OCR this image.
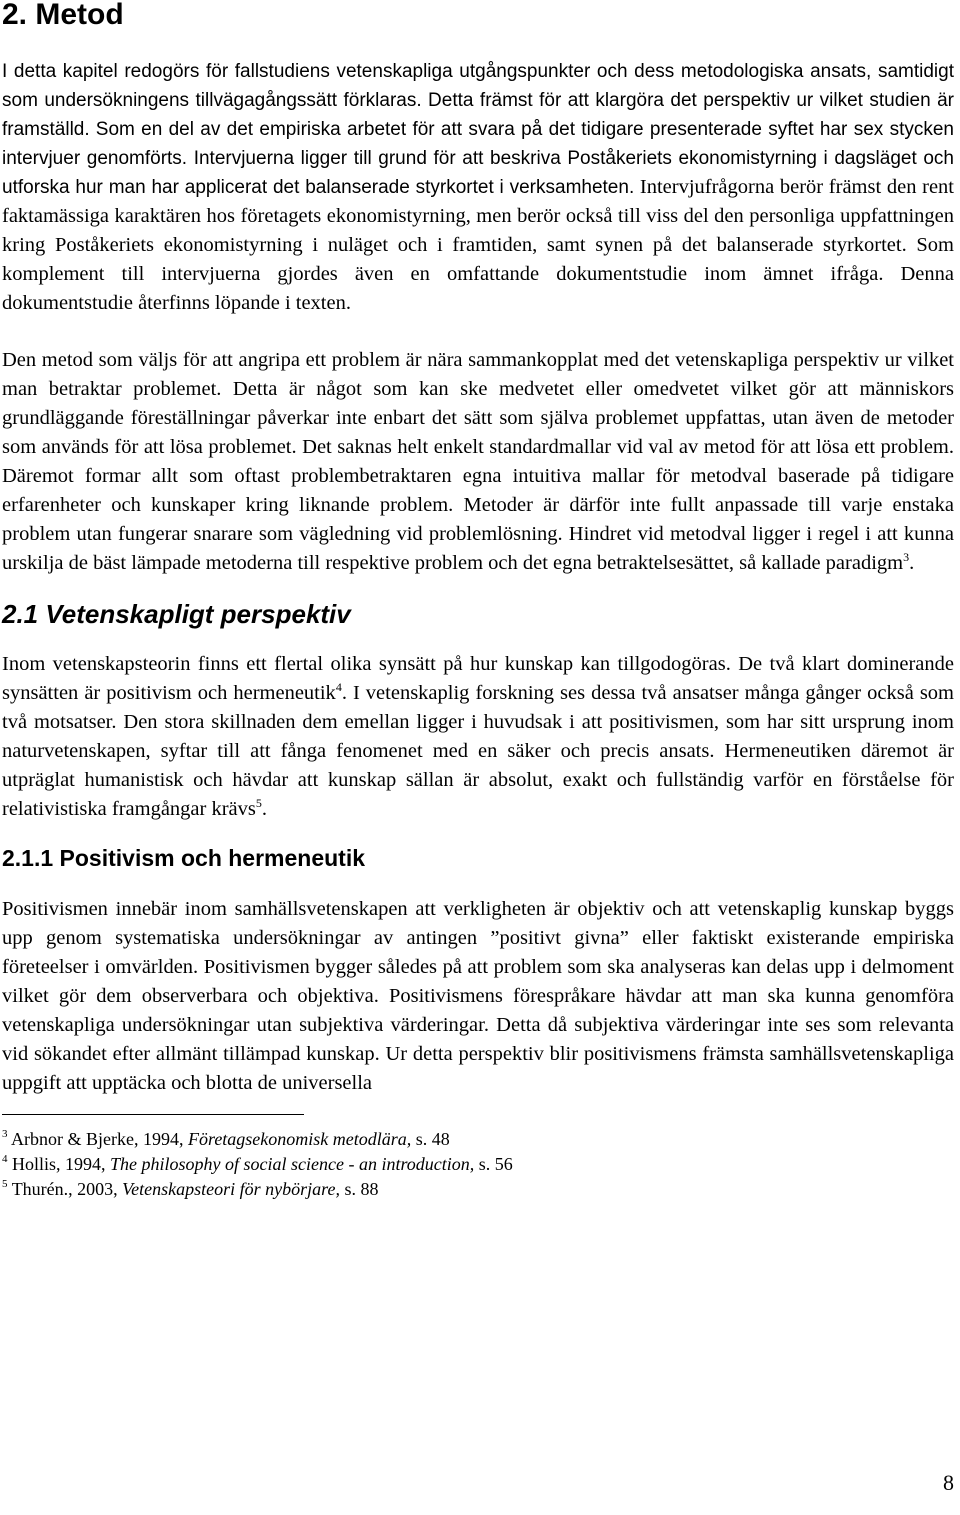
2. Metod

I detta kapitel redogörs för fallstudiens vetenskapliga utgångspunkter och dess metodologiska ansats, samtidigt som undersökningens tillvägagångssätt förklaras. Detta främst för att klargöra det perspektiv ur vilket studien är framställd. Som en del av det empiriska arbetet för att svara på det tidigare presenterade syftet har sex stycken intervjuer genomförts. Intervjuerna ligger till grund för att beskriva Poståkeriets ekonomistyrning i dagsläget och utforska hur man har applicerat det balanserade styrkortet i verksamheten. Intervjufrågorna berör främst den rent faktamässiga karaktären hos företagets ekonomistyrning, men berör också till viss del den personliga uppfattningen kring Poståkeriets ekonomistyrning i nuläget och i framtiden, samt synen på det balanserade styrkortet. Som komplement till intervjuerna gjordes även en omfattande dokumentstudie inom ämnet ifråga. Denna dokumentstudie återfinns löpande i texten.

Den metod som väljs för att angripa ett problem är nära sammankopplat med det vetenskapliga perspektiv ur vilket man betraktar problemet. Detta är något som kan ske medvetet eller omedvetet vilket gör att människors grundläggande föreställningar påverkar inte enbart det sätt som själva problemet uppfattas, utan även de metoder som används för att lösa problemet. Det saknas helt enkelt standardmallar vid val av metod för att lösa ett problem. Däremot formar allt som oftast problembetraktaren egna intuitiva mallar för metodval baserade på tidigare erfarenheter och kunskaper kring liknande problem. Metoder är därför inte fullt anpassade till varje enstaka problem utan fungerar snarare som vägledning vid problemlösning. Hindret vid metodval ligger i regel i att kunna urskilja de bäst lämpade metoderna till respektive problem och det egna betraktelsesättet, så kallade paradigm$^3$.

2.1 Vetenskapligt perspektiv

Inom vetenskapsteorin finns ett flertal olika synsätt på hur kunskap kan tillgodogöras. De två klart dominerande synsätten är positivism och hermeneutik$^4$. I vetenskaplig forskning ses dessa två ansatser många gånger också som två motsatser. Den stora skillnaden dem emellan ligger i huvudsak i att positivismen, som har sitt ursprung inom naturvetenskapen, syftar till att fånga fenomenet med en säker och precis ansats. Hermeneutiken däremot är utpräglat humanistisk och hävdar att kunskap sällan är absolut, exakt och fullständig varför en förståelse för relativistiska framgångar krävs$^5$.

2.1.1 Positivism och hermeneutik

Positivismen innebär inom samhällsvetenskapen att verkligheten är objektiv och att vetenskaplig kunskap byggs upp genom systematiska undersökningar av antingen ”positivt givna” eller faktiskt existerande empiriska företeelser i omvärlden. Positivismen bygger således på att problem som ska analyseras kan delas upp i delmoment vilket gör dem observerbara och objektiva. Positivismens förespråkare hävdar att man ska kunna genomföra vetenskapliga undersökningar utan subjektiva värderingar. Detta då subjektiva värderingar inte ses som relevanta vid sökandet efter allmänt tillämpad kunskap. Ur detta perspektiv blir positivismens främsta samhällsvetenskapliga uppgift att upptäcka och blotta de universella

$^3$ Arbnor & Bjerke, 1994, Företagsekonomisk metodlära, s. 48
$^4$ Hollis, 1994, The philosophy of social science - an introduction, s. 56
$^5$ Thurén., 2003, Vetenskapsteori för nybörjare, s. 88
8
